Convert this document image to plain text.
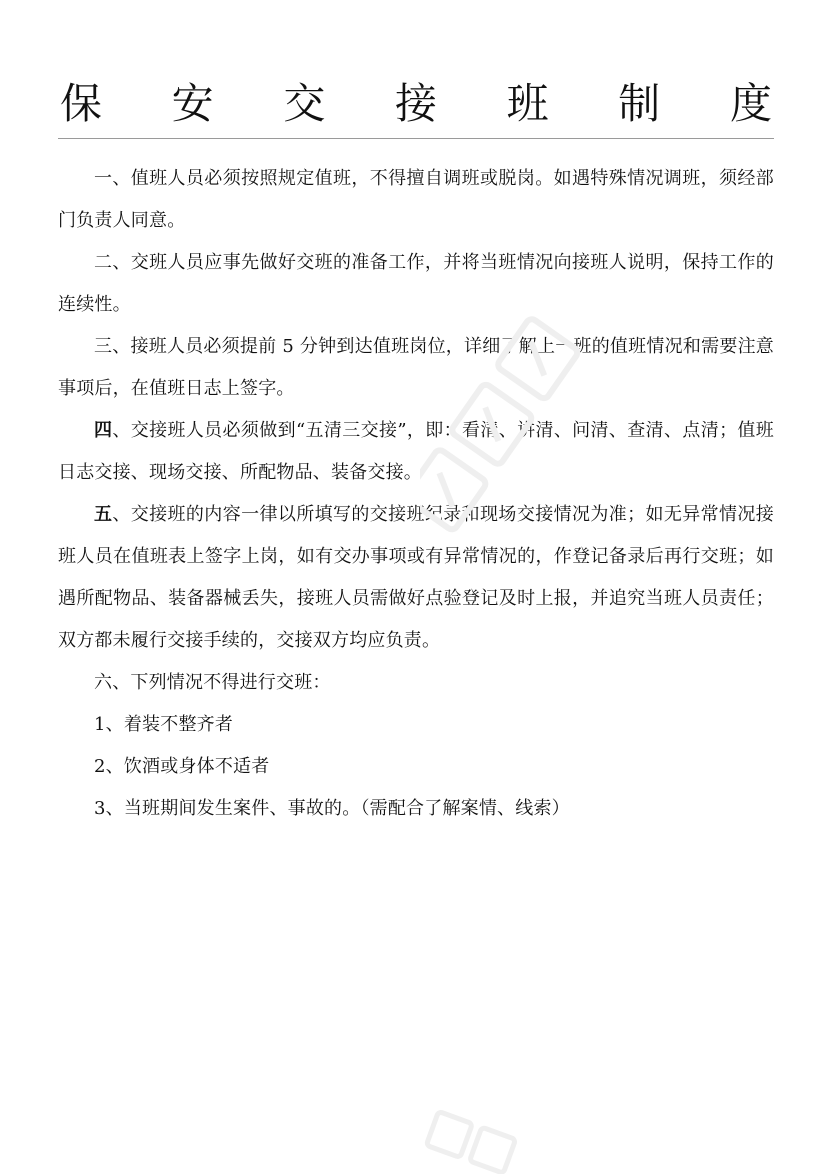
保 安 交 接 班 制 度

一、值班人员必须按照规定值班，不得擅自调班或脱岗。如遇特殊情况调班，须经部门负责人同意。

二、交班人员应事先做好交班的准备工作，并将当班情况向接班人说明，保持工作的连续性。

三、接班人员必须提前 5 分钟到达值班岗位，详细了解上一班的值班情况和需要注意事项后，在值班日志上签字。

四、交接班人员必须做到“五清三交接”，即：看清、讲清、问清、查清、点清；值班日志交接、现场交接、所配物品、装备交接。

五、交接班的内容一律以所填写的交接班纪录和现场交接情况为准；如无异常情况接班人员在值班表上签字上岗，如有交办事项或有异常情况的，作登记备录后再行交班；如遇所配物品、装备器械丢失，接班人员需做好点验登记及时上报，并追究当班人员责任；双方都未履行交接手续的，交接双方均应负责。

六、下列情况不得进行交班：

1、着装不整齐者

2、饮酒或身体不适者

3、当班期间发生案件、事故的。（需配合了解案情、线索）
